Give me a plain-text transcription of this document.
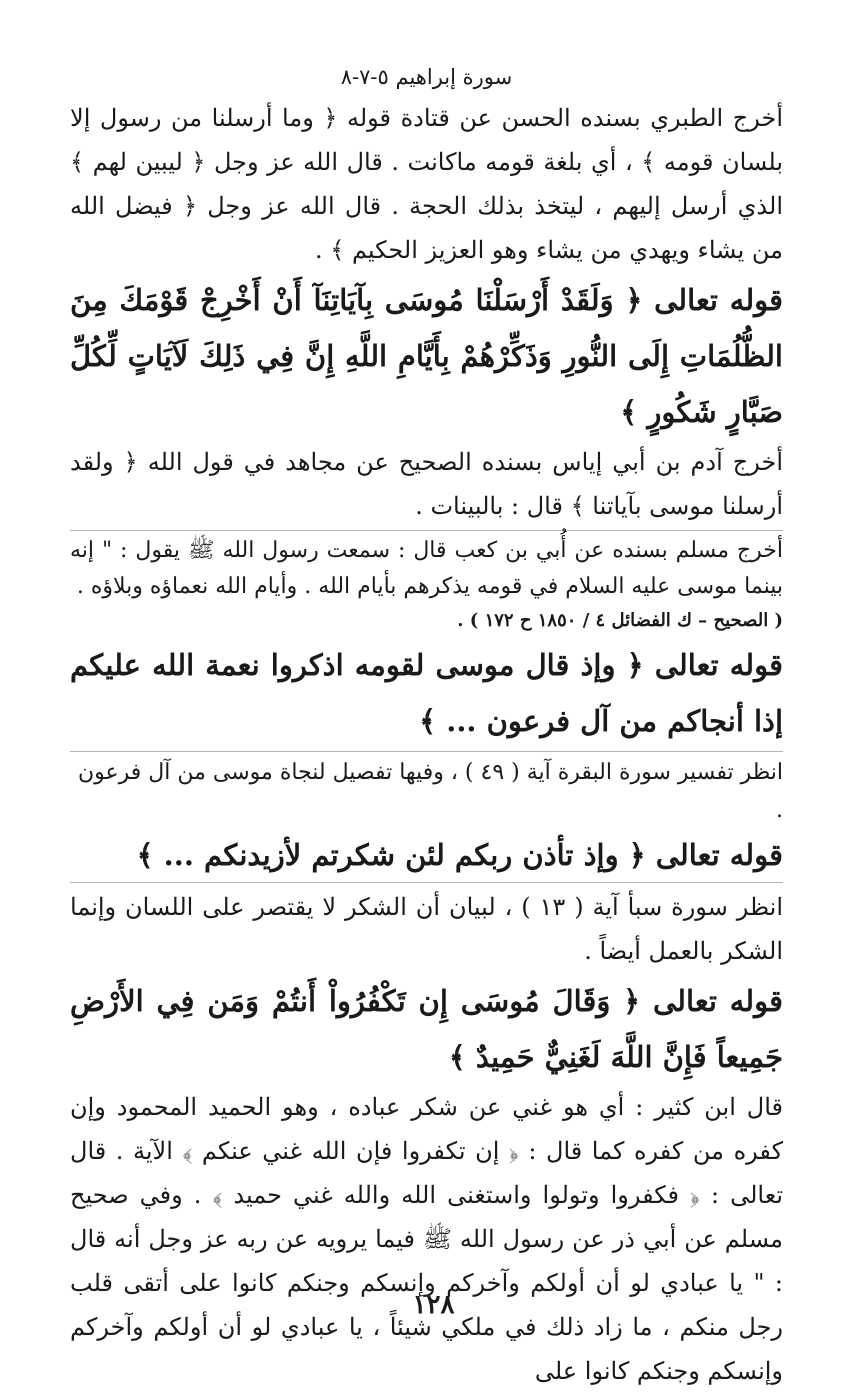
سورة إبراهيم ٥-٧-٨

أخرج الطبري بسنده الحسن عن قتادة قوله ﴿ وما أرسلنا من رسول إلا بلسان قومه ﴾ ، أي بلغة قومه ماكانت . قال الله عز وجل ﴿ ليبين لهم ﴾ الذي أرسل إليهم ، ليتخذ بذلك الحجة . قال الله عز وجل ﴿ فيضل الله من يشاء ويهدي من يشاء وهو العزيز الحكيم ﴾ .

قوله تعالى ﴿ وَلَقَدْ أَرْسَلْنَا مُوسَى بِآيَاتِنَآ أَنْ أَخْرِجْ قَوْمَكَ مِنَ الظُّلُمَاتِ إِلَى النُّورِ وَذَكِّرْهُمْ بِأَيَّامِ اللَّهِ إِنَّ فِي ذَلِكَ لَآيَاتٍ لِّكُلِّ صَبَّارٍ شَكُورٍ ﴾

أخرج آدم بن أبي إياس بسنده الصحيح عن مجاهد في قول الله ﴿ ولقد أرسلنا موسى بآياتنا ﴾ قال : بالبينات .

أخرج مسلم بسنده عن أُبي بن كعب قال : سمعت رسول الله ﷺ يقول : " إنه بينما موسى عليه السلام في قومه يذكرهم بأيام الله . وأيام الله نعماؤه وبلاؤه .

( الصحيح – ك الفضائل ٤ / ١٨٥٠ ح ١٧٢ ) .

قوله تعالى ﴿ وإذ قال موسى لقومه اذكروا نعمة الله عليكم إذا أنجاكم من آل فرعون ... ﴾

انظر تفسير سورة البقرة آية ( ٤٩ ) ، وفيها تفصيل لنجاة موسى من آل فرعون .

قوله تعالى ﴿ وإذ تأذن ربكم لئن شكرتم لأزيدنكم ... ﴾

انظر سورة سبأ آية ( ١٣ ) ، لبيان أن الشكر لا يقتصر على اللسان وإنما الشكر بالعمل أيضاً .

قوله تعالى ﴿ وَقَالَ مُوسَى إِن تَكْفُرُواْ أَنتُمْ وَمَن فِي الأَرْضِ جَمِيعاً فَإِنَّ اللَّهَ لَغَنِيٌّ حَمِيدٌ ﴾

قال ابن كثير : أي هو غني عن شكر عباده ، وهو الحميد المحمود وإن كفره من كفره كما قال : ﴿ إن تكفروا فإن الله غني عنكم ﴾ الآية . قال تعالى : ﴿ فكفروا وتولوا واستغنى الله والله غني حميد ﴾ . وفي صحيح مسلم عن أبي ذر عن رسول الله ﷺ فيما يرويه عن ربه عز وجل أنه قال : " يا عبادي لو أن أولكم وآخركم وإنسكم وجنكم كانوا على أتقى قلب رجل منكم ، ما زاد ذلك في ملكي شيئاً ، يا عبادي لو أن أولكم وآخركم وإنسكم وجنكم كانوا على

١٢٨
